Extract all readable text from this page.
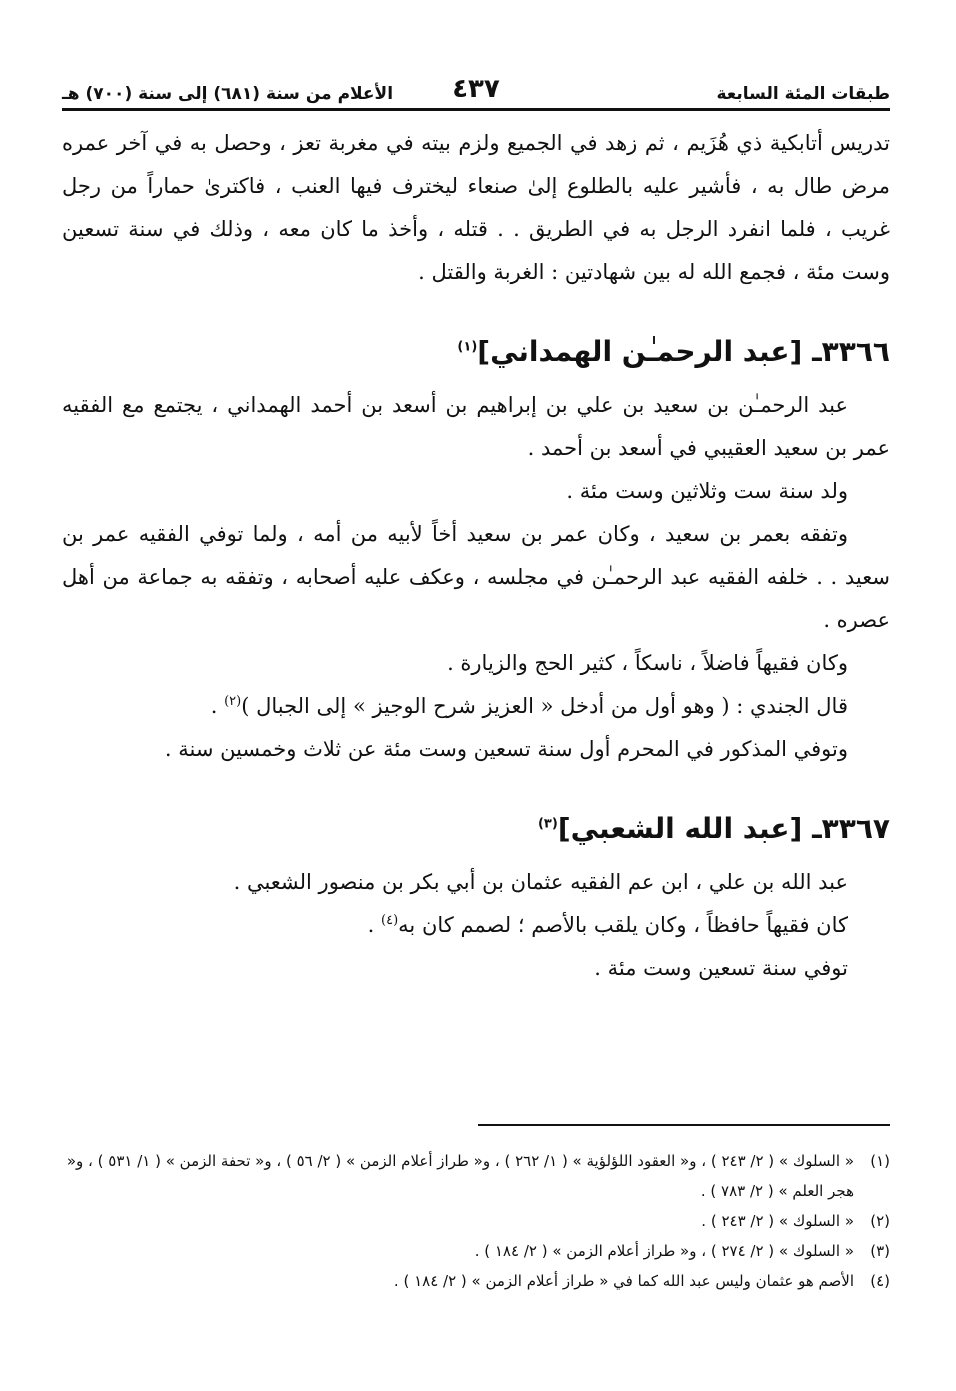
طبقات المئة السابعة
٤٣٧
الأعلام من سنة (٦٨١) إلى سنة (٧٠٠) هـ

تدريس أتابكية ذي هُزَيم ، ثم زهد في الجميع ولزم بيته في مغربة تعز ، وحصل به في آخر عمره مرض طال به ، فأشير عليه بالطلوع إلىٰ صنعاء ليخترف فيها العنب ، فاكترىٰ حماراً من رجل غريب ، فلما انفرد الرجل به في الطريق . . قتله ، وأخذ ما كان معه ، وذلك في سنة تسعين وست مئة ، فجمع الله له بين شهادتين : الغربة والقتل .

٣٣٦٦ـ [عبد الرحمـٰن الهمداني]$^{(١)}$

عبد الرحمـٰن بن سعيد بن علي بن إبراهيم بن أسعد بن أحمد الهمداني ، يجتمع مع الفقيه عمر بن سعيد العقيبي في أسعد بن أحمد .

ولد سنة ست وثلاثين وست مئة .

وتفقه بعمر بن سعيد ، وكان عمر بن سعيد أخاً لأبيه من أمه ، ولما توفي الفقيه عمر بن سعيد . . خلفه الفقيه عبد الرحمـٰن في مجلسه ، وعكف عليه أصحابه ، وتفقه به جماعة من أهل عصره .

وكان فقيهاً فاضلاً ، ناسكاً ، كثير الحج والزيارة .

قال الجندي : ( وهو أول من أدخل « العزيز شرح الوجيز » إلى الجبال )$^{(٢)}$ .

وتوفي المذكور في المحرم أول سنة تسعين وست مئة عن ثلاث وخمسين سنة .

٣٣٦٧ـ [عبد الله الشعبي]$^{(٣)}$

عبد الله بن علي ، ابن عم الفقيه عثمان بن أبي بكر بن منصور الشعبي .

كان فقيهاً حافظاً ، وكان يلقب بالأصم ؛ لصمم كان به$^{(٤)}$ .

توفي سنة تسعين وست مئة .

(١)
« السلوك » ( ٢/ ٢٤٣ ) ، و« العقود اللؤلؤية » ( ١/ ٢٦٢ ) ، و« طراز أعلام الزمن » ( ٢/ ٥٦ ) ، و« تحفة الزمن » ( ١/ ٥٣١ ) ، و« هجر العلم » ( ٢/ ٧٨٣ ) .
(٢)
« السلوك » ( ٢/ ٢٤٣ ) .
(٣)
« السلوك » ( ٢/ ٢٧٤ ) ، و« طراز أعلام الزمن » ( ٢/ ١٨٤ ) .
(٤)
الأصم هو عثمان وليس عبد الله كما في « طراز أعلام الزمن » ( ٢/ ١٨٤ ) .
